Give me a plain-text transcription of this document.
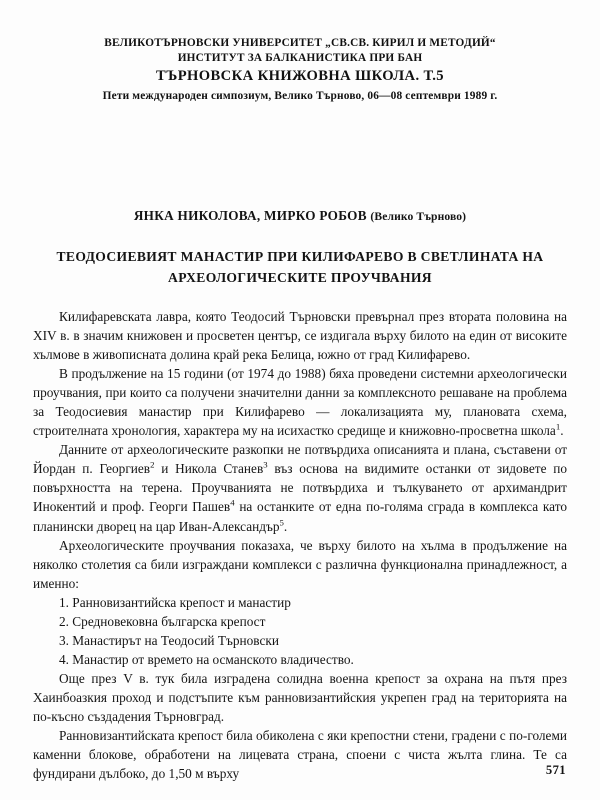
ВЕЛИКОТЪРНОВСКИ УНИВЕРСИТЕТ „СВ.СВ. КИРИЛ И МЕТОДИЙ“
ИНСТИТУТ ЗА БАЛКАНИСТИКА ПРИ БАН
ТЪРНОВСКА КНИЖОВНА ШКОЛА. Т.5
Пети международен симпозиум, Велико Търново, 06—08 септември 1989 г.
ЯНКА НИКОЛОВА, МИРКО РОБОВ (Велико Търново)
ТЕОДОСИЕВИЯТ МАНАСТИР ПРИ КИЛИФАРЕВО В СВЕТЛИНАТА НА АРХЕОЛОГИЧЕСКИТЕ ПРОУЧВАНИЯ

Килифаревската лавра, която Теодосий Търновски превърнал през втората половина на XIV в. в значим книжовен и просветен център, се издигала върху билото на един от високите хълмове в живописната долина край река Белица, южно от град Килифарево.

В продължение на 15 години (от 1974 до 1988) бяха проведени системни археологически проучвания, при които са получени значителни данни за комплексното решаване на проблема за Теодосиевия манастир при Килифарево — локализацията му, плановата схема, строителната хронология, характера му на исихастко средище и книжовно-просветна школа$^1$.

Данните от археологическите разкопки не потвърдиха описанията и плана, съставени от Йордан п. Георгиев$^2$ и Никола Станев$^3$ въз основа на видимите останки от зидовете по повърхността на терена. Проучванията не потвърдиха и тълкуването от архимандрит Инокентий и проф. Георги Пашев$^4$ на останките от една по-голяма сграда в комплекса като планински дворец на цар Иван-Александър$^5$.

Археологическите проучвания показаха, че върху билото на хълма в продължение на няколко столетия са били изграждани комплекси с различна функционална принадлежност, а именно:

1. Ранновизантийска крепост и манастир
2. Средновековна българска крепост
3. Манастирът на Теодосий Търновски
4. Манастир от времето на османското владичество.

Още през V в. тук била изградена солидна военна крепост за охрана на пътя през Хаинбоазкия проход и подстъпите към ранновизантийския укрепен град на територията на по-късно създадения Търновград.

Ранновизантийската крепост била обиколена с яки крепостни стени, градени с по-големи каменни блокове, обработени на лицевата страна, споени с чиста жълта глина. Те са фундирани дълбоко, до 1,50 м върху	571
